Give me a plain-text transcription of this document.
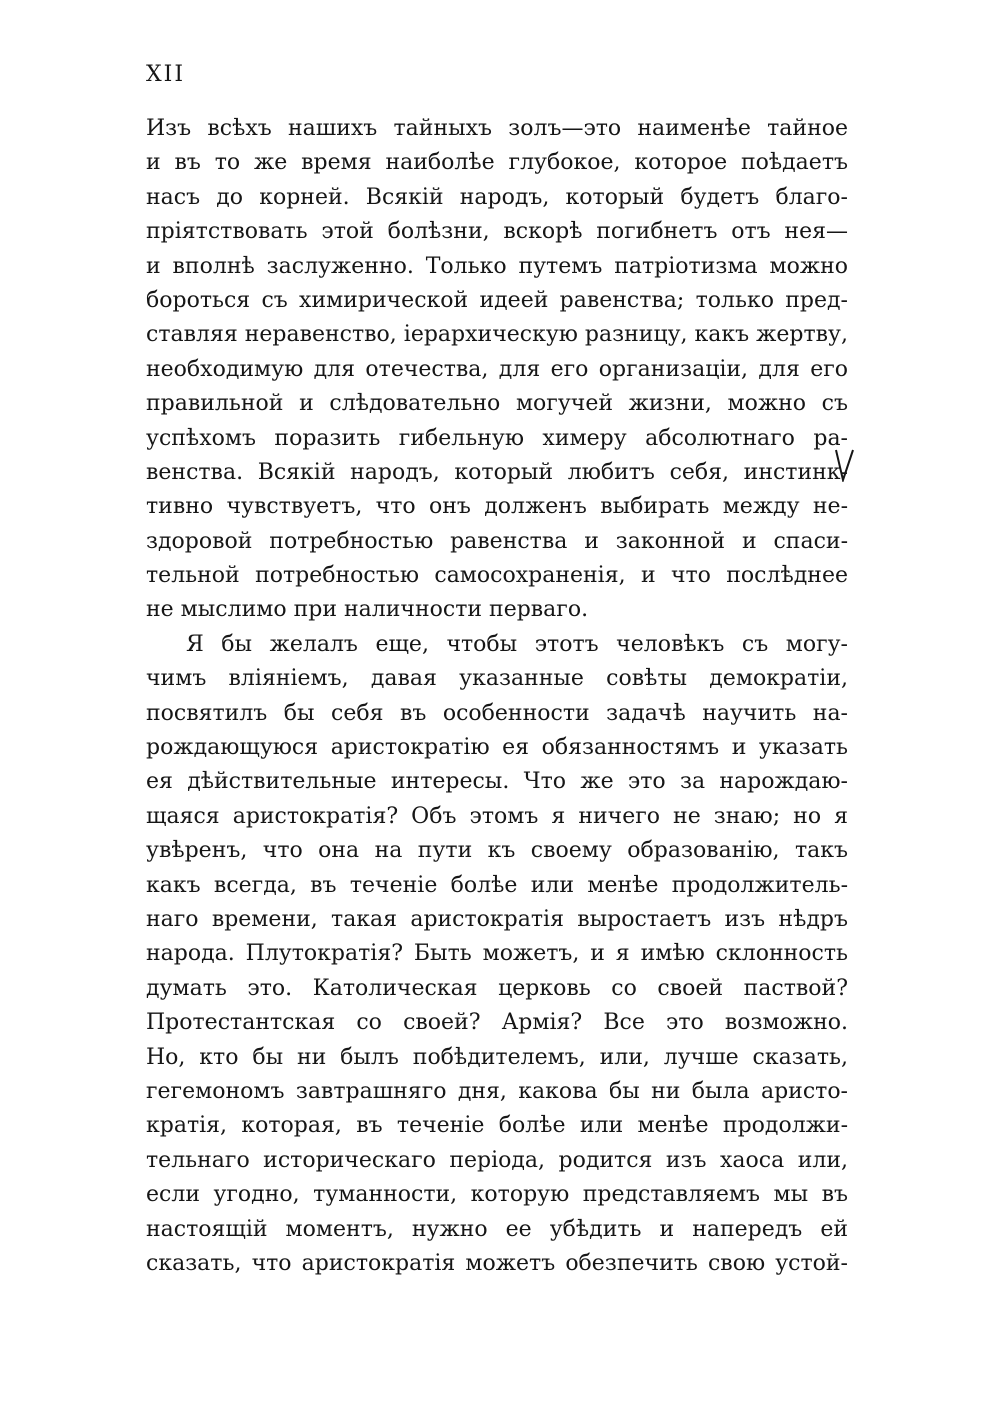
XII

Изъ всѣхъ нашихъ тайныхъ золъ—это наименѣе тайное
и въ то же время наиболѣе глубокое, которое поѣдаетъ
насъ до корней. Всякій народъ, который будетъ благо-
пріятствовать этой болѣзни, вскорѣ погибнетъ отъ нея—
и вполнѣ заслуженно. Только путемъ патріотизма можно
бороться съ химирической идеей равенства; только пред-
ставляя неравенство, іерархическую разницу, какъ жертву,
необходимую для отечества, для его организаціи, для его
правильной и слѣдовательно могучей жизни, можно съ
успѣхомъ поразить гибельную химеру абсолютнаго ра-
венства. Всякій народъ, который любитъ себя, инстинк-
тивно чувствуетъ, что онъ долженъ выбирать между не-
здоровой потребностью равенства и законной и спаси-
тельной потребностью самосохраненія, и что послѣднее
не мыслимо при наличности перваго.
Я бы желалъ еще, чтобы этотъ человѣкъ съ могу-
чимъ вліяніемъ, давая указанные совѣты демократіи,
посвятилъ бы себя въ особенности задачѣ научить на-
рождающуюся аристократію ея обязанностямъ и указать
ея дѣйствительные интересы. Что же это за нарождаю-
щаяся аристократія? Объ этомъ я ничего не знаю; но я
увѣренъ, что она на пути къ своему образованію, такъ
какъ всегда, въ теченіе болѣе или менѣе продолжитель-
наго времени, такая аристократія выростаетъ изъ нѣдръ
народа. Плутократія? Быть можетъ, и я имѣю склонность
думать это. Католическая церковь со своей паствой?
Протестантская со своей? Армія? Все это возможно.
Но, кто бы ни былъ побѣдителемъ, или, лучше сказать,
гегемономъ завтрашняго дня, какова бы ни была аристо-
кратія, которая, въ теченіе болѣе или менѣе продолжи-
тельнаго историческаго періода, родится изъ хаоса или,
если угодно, туманности, которую представляемъ мы въ
настоящій моментъ, нужно ее убѣдить и напередъ ей
сказать, что аристократія можетъ обезпечить свою устой-
